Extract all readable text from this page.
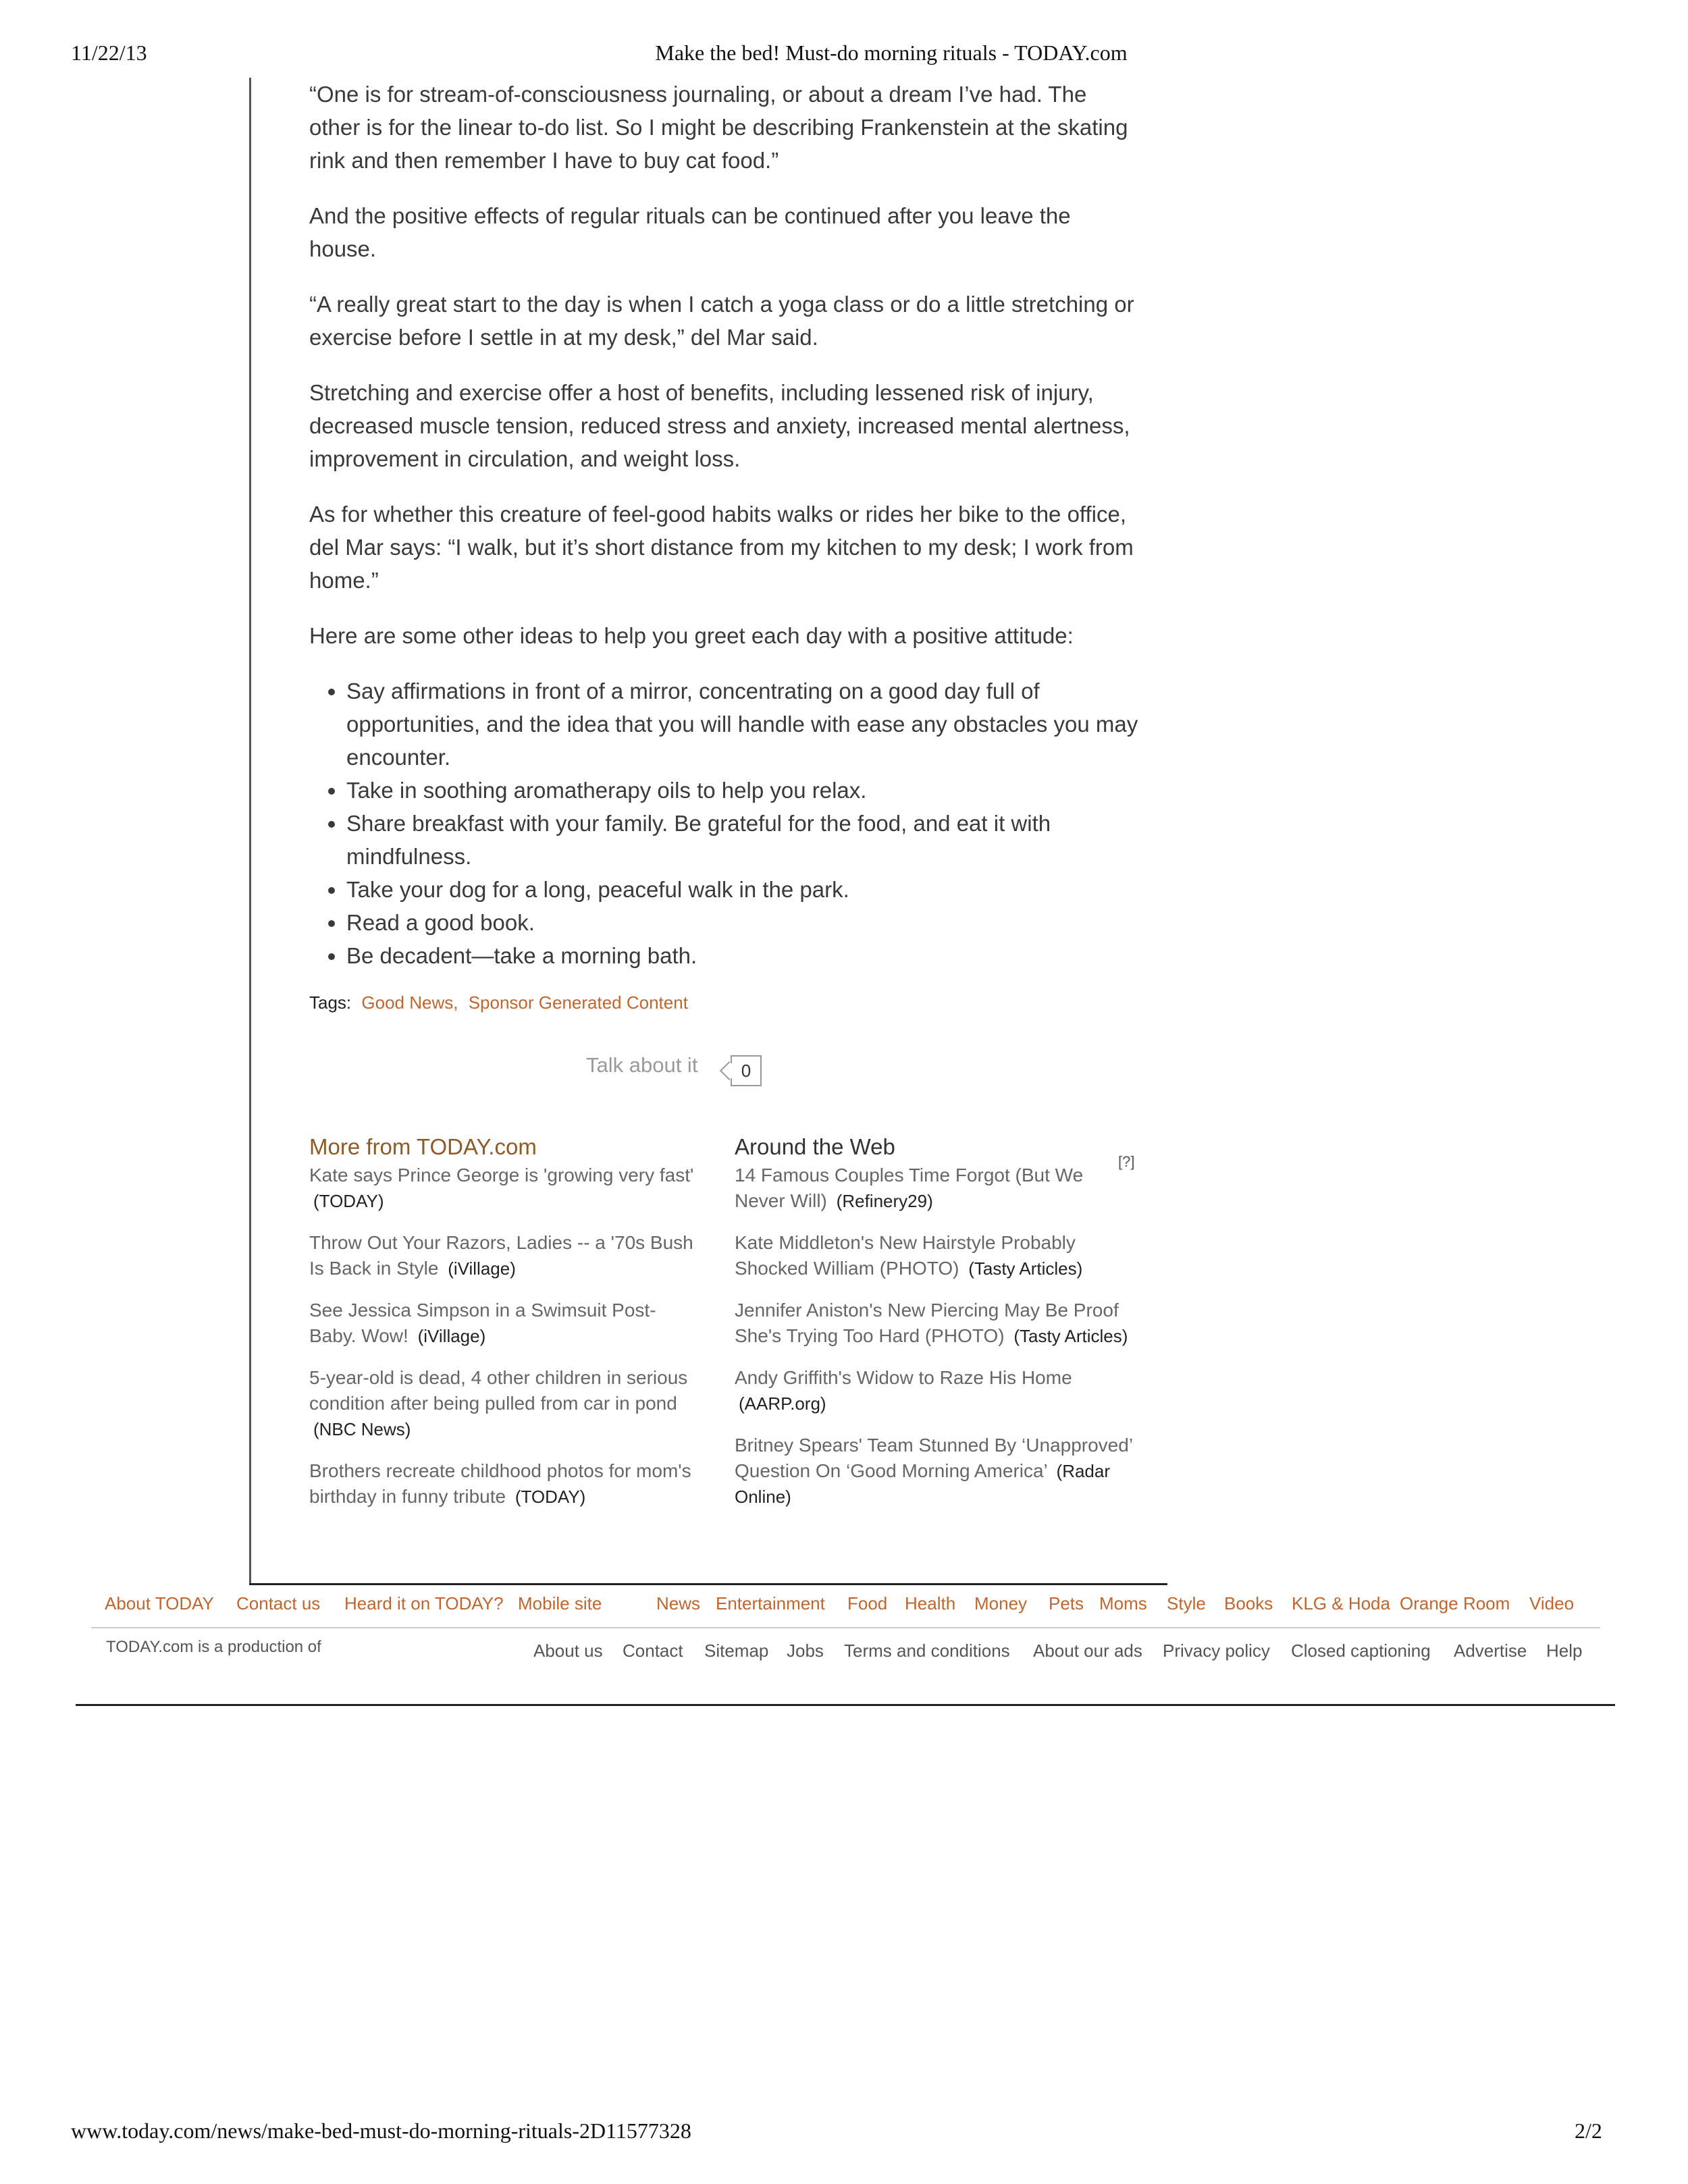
11/22/13	Make the bed! Must-do morning rituals - TODAY.com

“One is for stream-of-consciousness journaling, or about a dream I’ve had. The other is for the linear to-do list. So I might be describing Frankenstein at the skating rink and then remember I have to buy cat food.”

And the positive effects of regular rituals can be continued after you leave the house.

“A really great start to the day is when I catch a yoga class or do a little stretching or exercise before I settle in at my desk,” del Mar said.

Stretching and exercise offer a host of benefits, including lessened risk of injury, decreased muscle tension, reduced stress and anxiety, increased mental alertness, improvement in circulation, and weight loss.

As for whether this creature of feel-good habits walks or rides her bike to the office, del Mar says: “I walk, but it’s short distance from my kitchen to my desk; I work from home.”

Here are some other ideas to help you greet each day with a positive attitude:

• Say affirmations in front of a mirror, concentrating on a good day full of opportunities, and the idea that you will handle with ease any obstacles you may encounter.
• Take in soothing aromatherapy oils to help you relax.
• Share breakfast with your family. Be grateful for the food, and eat it with mindfulness.
• Take your dog for a long, peaceful walk in the park.
• Read a good book.
• Be decadent—take a morning bath.
Tags: Good News, Sponsor Generated Content
Talk about it	0
More from TODAY.com
Kate says Prince George is 'growing very fast' (TODAY)
Throw Out Your Razors, Ladies -- a '70s Bush Is Back in Style (iVillage)
See Jessica Simpson in a Swimsuit Post-Baby. Wow! (iVillage)
5-year-old is dead, 4 other children in serious condition after being pulled from car in pond (NBC News)
Brothers recreate childhood photos for mom's birthday in funny tribute (TODAY)
Around the Web
[?]
14 Famous Couples Time Forgot (But We Never Will) (Refinery29)
Kate Middleton's New Hairstyle Probably Shocked William (PHOTO) (Tasty Articles)
Jennifer Aniston's New Piercing May Be Proof She's Trying Too Hard (PHOTO) (Tasty Articles)
Andy Griffith's Widow to Raze His Home (AARP.org)
Britney Spears' Team Stunned By ‘Unapproved’ Question On ‘Good Morning America’ (Radar Online)
About TODAY Contact us Heard it on TODAY? Mobile site	News Entertainment Food Health Money Pets Moms Style Books KLG & Hoda Orange Room Video
TODAY.com is a production of	About us Contact Sitemap Jobs Terms and conditions About our ads Privacy policy Closed captioning Advertise Help
www.today.com/news/make-bed-must-do-morning-rituals-2D11577328	2/2
